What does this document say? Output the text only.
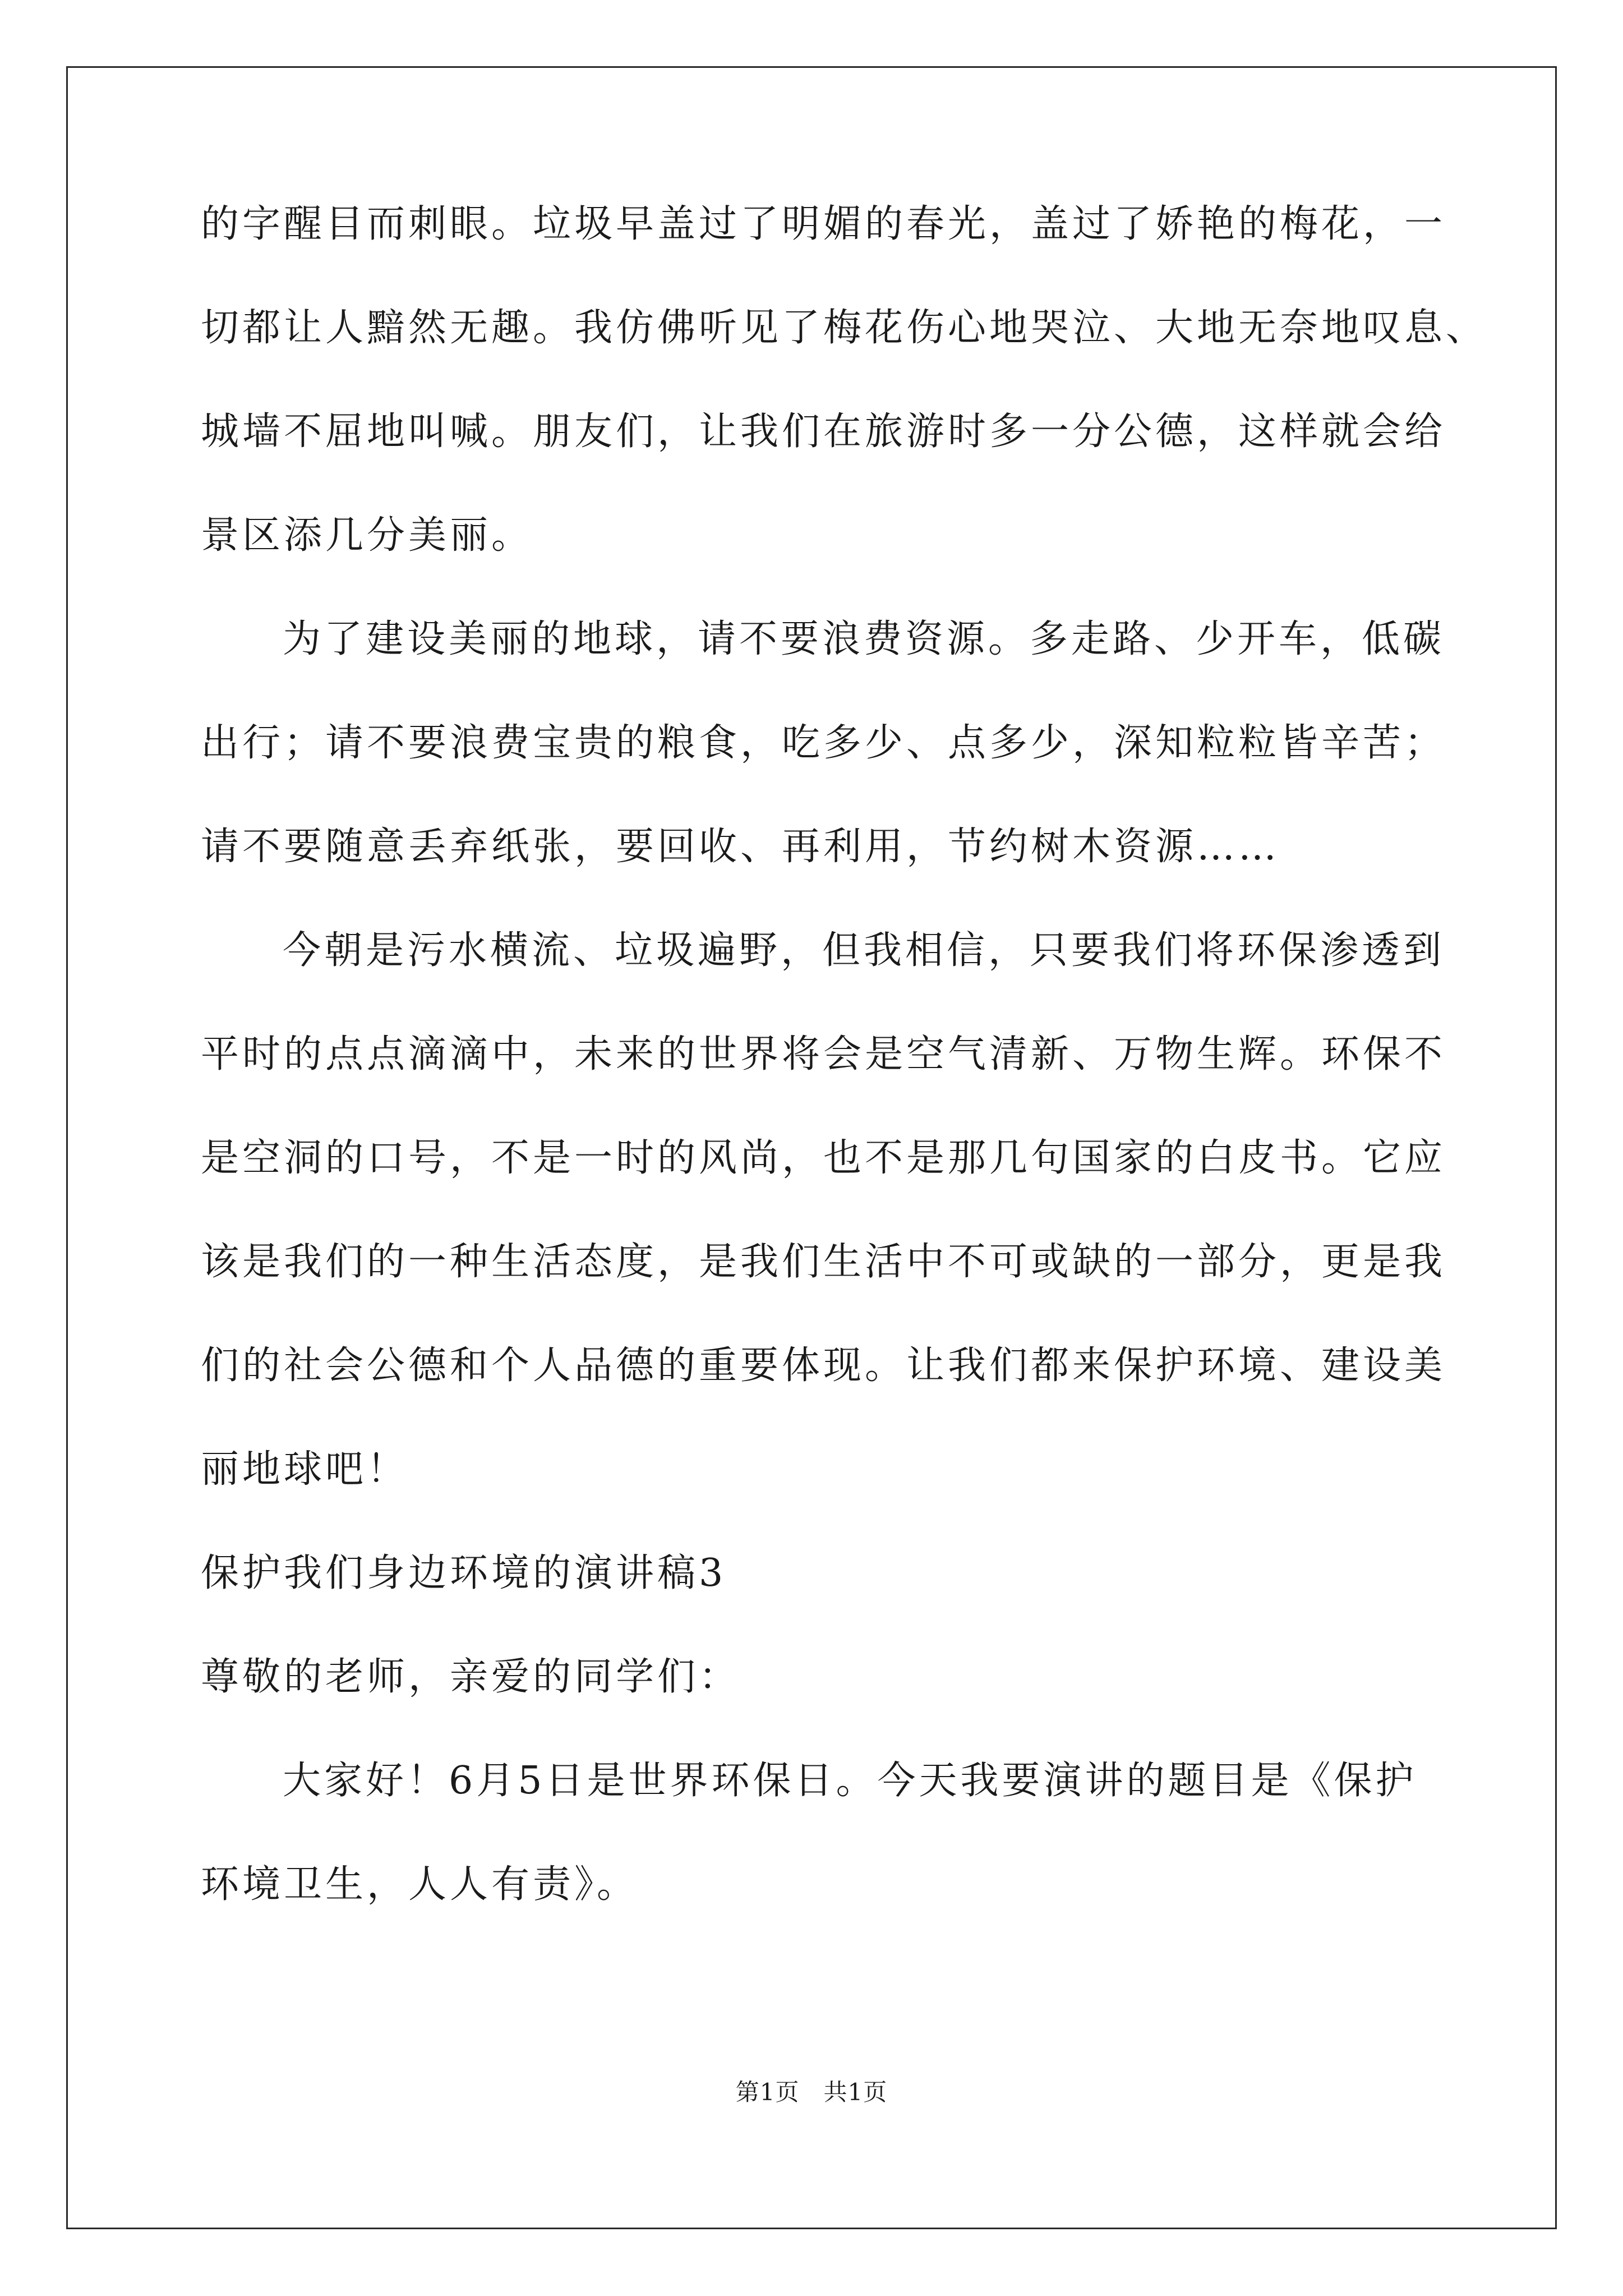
的字醒目而刺眼。垃圾早盖过了明媚的春光，盖过了娇艳的梅花，一
切都让人黯然无趣。我仿佛听见了梅花伤心地哭泣、大地无奈地叹息、
城墙不屈地叫喊。朋友们，让我们在旅游时多一分公德，这样就会给
景区添几分美丽。
为了建设美丽的地球，请不要浪费资源。多走路、少开车，低碳
出行；请不要浪费宝贵的粮食，吃多少、点多少，深知粒粒皆辛苦；
请不要随意丢弃纸张，要回收、再利用，节约树木资源……
今朝是污水横流、垃圾遍野，但我相信，只要我们将环保渗透到
平时的点点滴滴中，未来的世界将会是空气清新、万物生辉。环保不
是空洞的口号，不是一时的风尚，也不是那几句国家的白皮书。它应
该是我们的一种生活态度，是我们生活中不可或缺的一部分，更是我
们的社会公德和个人品德的重要体现。让我们都来保护环境、建设美
丽地球吧！
保护我们身边环境的演讲稿3
尊敬的老师，亲爱的同学们：
大家好！6月5日是世界环保日。今天我要演讲的题目是《保护
环境卫生，人人有责》。
第1页　共1页
